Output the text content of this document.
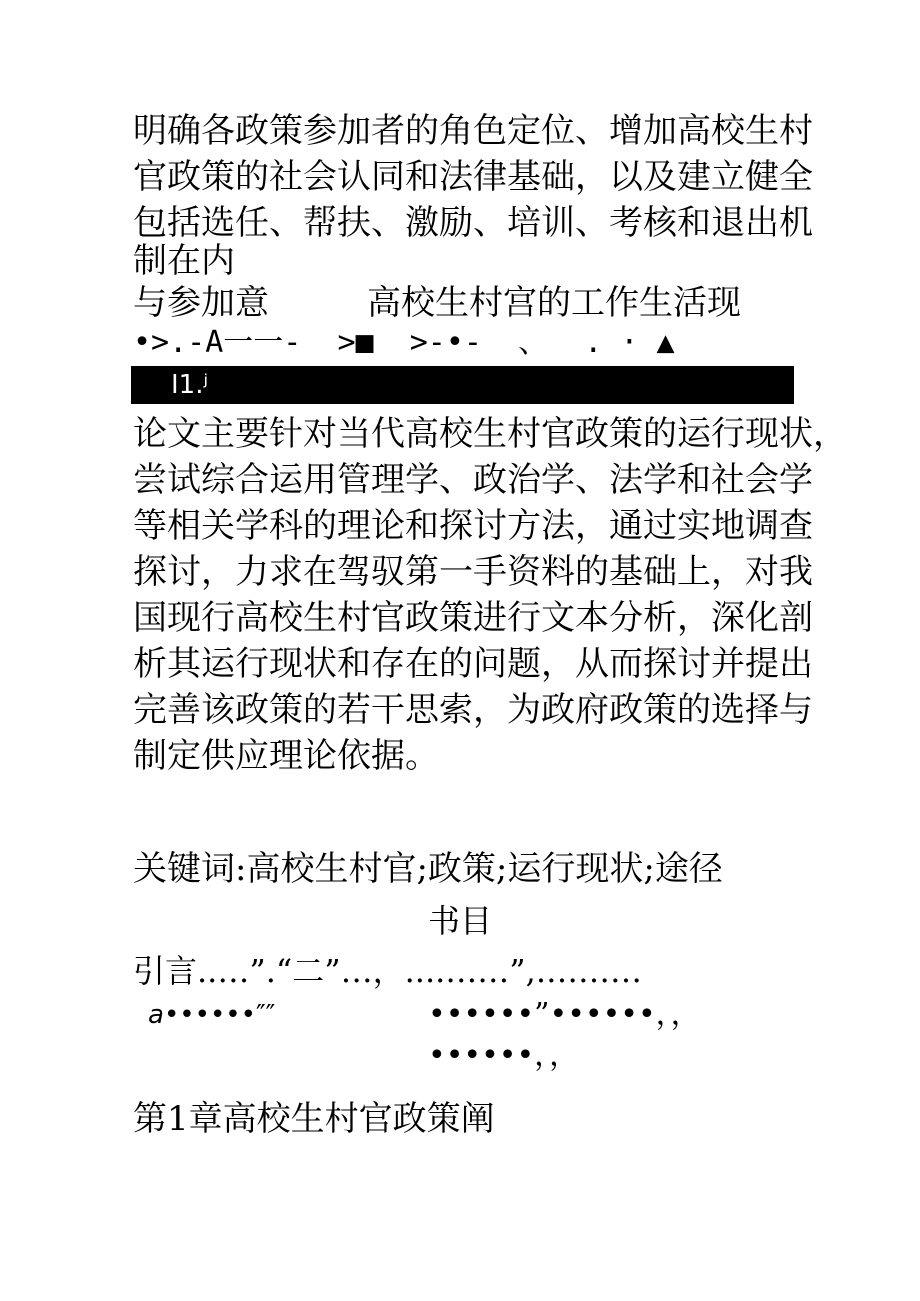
明确各政策参加者的角色定位、增加高校生村

官政策的社会认同和法律基础，以及建立健全

包括选任、帮扶、激励、培训、考核和退出机

制在内

与参加意	高校生村宫的工作生活现

•>.-A一一-  >■  >-•-  、  . · ▲

I1.ʲ

论文主要针对当代高校生村官政策的运行现状，

尝试综合运用管理学、政治学、法学和社会学

等相关学科的理论和探讨方法，通过实地调查

探讨，力求在驾驭第一手资料的基础上，对我

国现行高校生村官政策进行文本分析，深化剖

析其运行现状和存在的问题，从而探讨并提出

完善该政策的若干思索，为政府政策的选择与

制定供应理论依据。

关键词:高校生村官;政策;运行现状;途径

书目
引言..…”.“二”…，....……”,.………
a••••••″″	••••••”••••••，，
••••••，，

第1章高校生村官政策阐
